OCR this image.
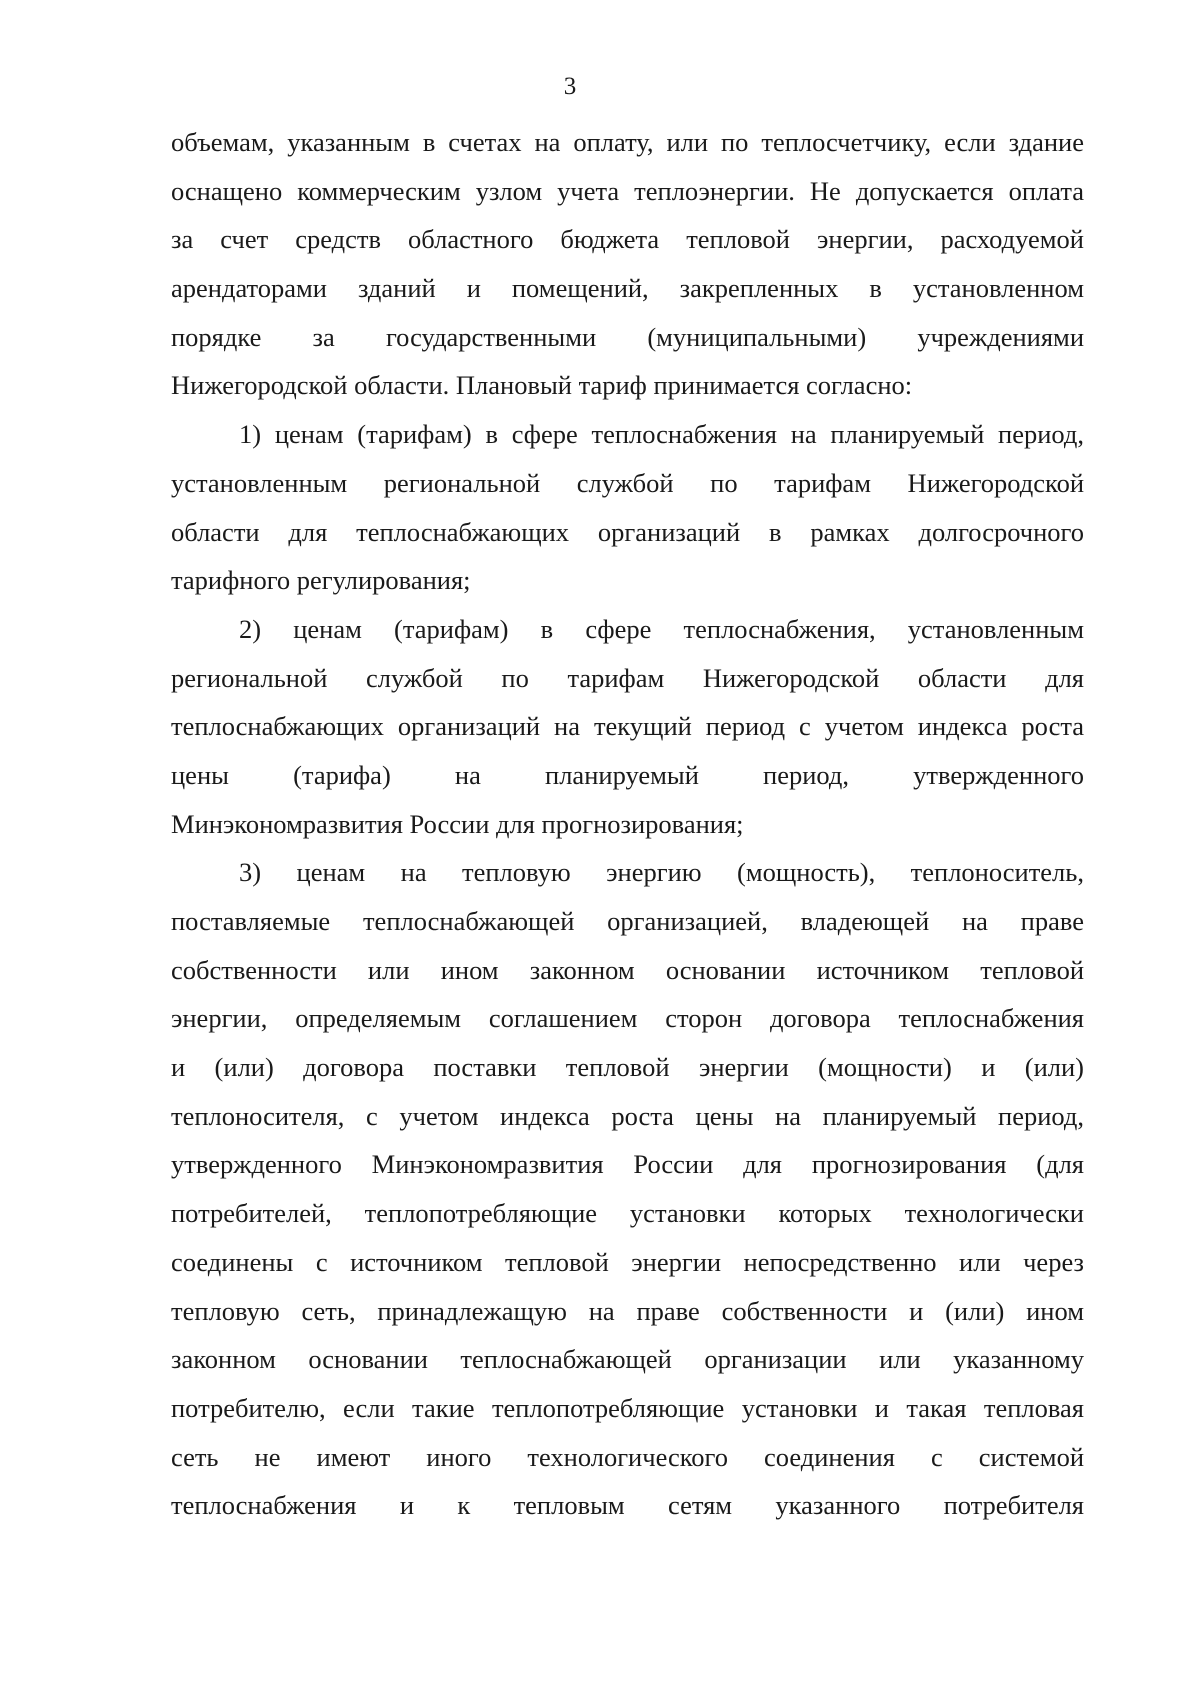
3
объемам, указанным в счетах на оплату, или по теплосчетчику, если здание
оснащено коммерческим узлом учета теплоэнергии. Не допускается оплата
за счет средств областного бюджета тепловой энергии, расходуемой
арендаторами зданий и помещений, закрепленных в установленном
порядке за государственными (муниципальными) учреждениями
Нижегородской области. Плановый тариф принимается согласно:
1) ценам (тарифам) в сфере теплоснабжения на планируемый период,
установленным региональной службой по тарифам Нижегородской
области для теплоснабжающих организаций в рамках долгосрочного
тарифного регулирования;
2) ценам (тарифам) в сфере теплоснабжения, установленным
региональной службой по тарифам Нижегородской области для
теплоснабжающих организаций на текущий период с учетом индекса роста
цены (тарифа) на планируемый период, утвержденного
Минэкономразвития России для прогнозирования;
3) ценам на тепловую энергию (мощность), теплоноситель,
поставляемые теплоснабжающей организацией, владеющей на праве
собственности или ином законном основании источником тепловой
энергии, определяемым соглашением сторон договора теплоснабжения
и (или) договора поставки тепловой энергии (мощности) и (или)
теплоносителя, с учетом индекса роста цены на планируемый период,
утвержденного Минэкономразвития России для прогнозирования (для
потребителей, теплопотребляющие установки которых технологически
соединены с источником тепловой энергии непосредственно или через
тепловую сеть, принадлежащую на праве собственности и (или) ином
законном основании теплоснабжающей организации или указанному
потребителю, если такие теплопотребляющие установки и такая тепловая
сеть не имеют иного технологического соединения с системой
теплоснабжения и к тепловым сетям указанного потребителя
